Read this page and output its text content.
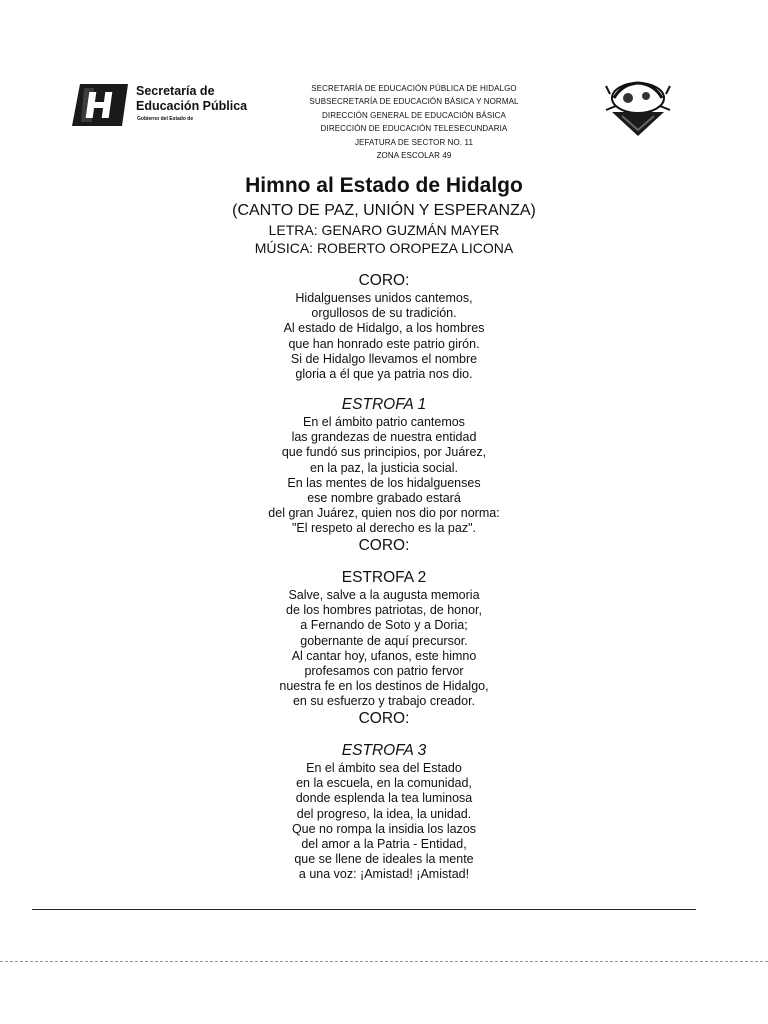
Secretaría de
Educación Pública
Gobierno del Estado de
SECRETARÍA DE EDUCACIÓN PÚBLICA DE HIDALGO
SUBSECRETARÍA DE EDUCACIÓN BÁSICA Y NORMAL
DIRECCIÓN GENERAL DE EDUCACIÓN BÁSICA
DIRECCIÓN DE EDUCACIÓN TELESECUNDARIA
JEFATURA DE SECTOR NO. 11
ZONA ESCOLAR 49
Himno al Estado de Hidalgo
(CANTO DE PAZ, UNIÓN Y ESPERANZA)
LETRA: GENARO GUZMÁN MAYER
MÚSICA: ROBERTO OROPEZA LICONA
CORO:
Hidalguenses unidos cantemos,
orgullosos de su tradición.
Al estado de Hidalgo, a los hombres
que han honrado este patrio girón.
Si de Hidalgo llevamos el nombre
gloria a él que ya patria nos dio.
ESTROFA 1
En el ámbito patrio cantemos
las grandezas de nuestra entidad
que fundó sus principios, por Juárez,
en la paz, la justicia social.
En las mentes de los hidalguenses
ese nombre grabado estará
del gran Juárez, quien nos dio por norma:
"El respeto al derecho es la paz".
CORO:
ESTROFA 2
Salve, salve a la augusta memoria
de los hombres patriotas, de honor,
a Fernando de Soto y a Doria;
gobernante de aquí precursor.
Al cantar hoy, ufanos, este himno
profesamos con patrio fervor
nuestra fe en los destinos de Hidalgo,
en su esfuerzo y trabajo creador.
CORO:
ESTROFA 3
En el ámbito sea del Estado
en la escuela, en la comunidad,
donde esplenda la tea luminosa
del progreso, la idea, la unidad.
Que no rompa la insidia los lazos
del amor a la Patria - Entidad,
que se llene de ideales la mente
a una voz: ¡Amistad! ¡Amistad!
